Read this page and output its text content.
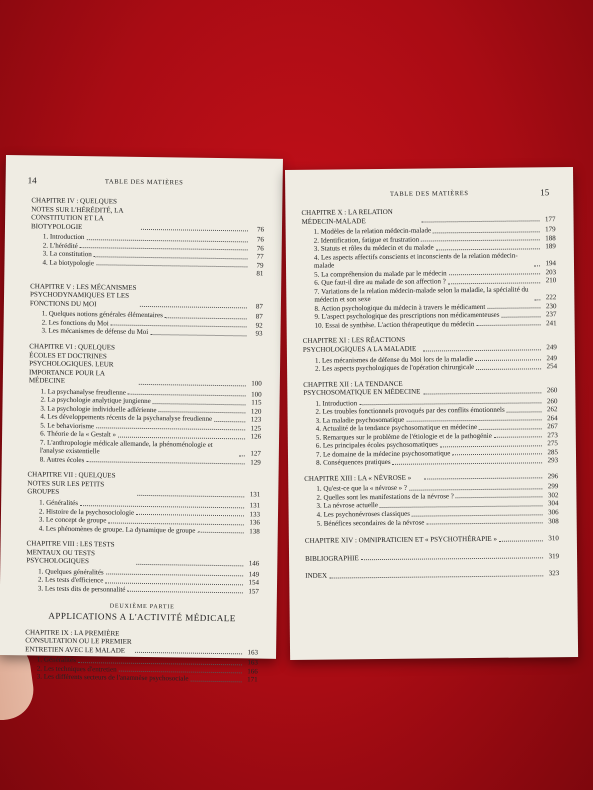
14	TABLE DES MATIÈRES
CHAPITRE IV : QUELQUES NOTES SUR L'HÉRÉDITÉ, LA CONSTITUTION ET LA BIOTYPOLOGIE	76
1. Introduction	76
2. L'hérédité	76
3. La constitution	77
4. La biotypologie	79
81
CHAPITRE V : LES MÉCANISMES PSYCHODYNAMIQUES ET LES FONCTIONS DU MOI	87
1. Quelques notions générales élémentaires	87
2. Les fonctions du Moi	92
3. Les mécanismes de défense du Moi	93
CHAPITRE VI : QUELQUES ÉCOLES ET DOCTRINES PSYCHOLOGIQUES. LEUR IMPORTANCE POUR LA MÉDECINE	100
1. La psychanalyse freudienne	100
2. La psychologie analytique jungienne	115
3. La psychologie individuelle adlérienne	120
4. Les développements récents de la psychanalyse freudienne	123
5. Le behaviorisme	125
6. Théorie de la « Gestalt »	126
7. L'anthropologie médicale allemande, la phénoménologie et l'analyse existentielle	127
8. Autres écoles	129
CHAPITRE VII : QUELQUES NOTES SUR LES PETITS GROUPES	131
1. Généralités	131
2. Histoire de la psychosociologie	133
3. Le concept de groupe	136
4. Les phénomènes de groupe. La dynamique de groupe	138
CHAPITRE VIII : LES TESTS MENTAUX OU TESTS PSYCHOLOGIQUES	146
1. Quelques généralités	149
2. Les tests d'efficience	154
3. Les tests dits de personnalité	157
DEUXIÈME PARTIE
APPLICATIONS A L'ACTIVITÉ MÉDICALE
CHAPITRE IX : LA PREMIÈRE CONSULTATION OU LE PREMIER ENTRETIEN AVEC LE MALADE	163
1. Généralités	163
2. Les techniques d'entretien	166
3. Les différents secteurs de l'anamnèse psychosociale	171
TABLE DES MATIÈRES	15
CHAPITRE X : LA RELATION MÉDECIN-MALADE	177
1. Modèles de la relation médecin-malade	179
2. Identification, fatigue et frustration	188
3. Statuts et rôles du médecin et du malade	189
4. Les aspects affectifs conscients et inconscients de la relation médecin-malade	194
5. La compréhension du malade par le médecin	203
6. Que faut-il dire au malade de son affection ?	210
7. Variations de la relation médecin-malade selon la maladie, la spécialité du médecin et son sexe	222
8. Action psychologique du médecin à travers le médicament	230
9. L'aspect psychologique des prescriptions non médicamenteuses	237
10. Essai de synthèse. L'action thérapeutique du médecin	241
CHAPITRE XI : LES RÉACTIONS PSYCHOLOGIQUES A LA MALADIE	249
1. Les mécanismes de défense du Moi lors de la maladie	249
2. Les aspects psychologiques de l'opération chirurgicale	254
CHAPITRE XII : LA TENDANCE PSYCHOSOMATIQUE EN MÉDECINE	260
1. Introduction	260
2. Les troubles fonctionnels provoqués par des conflits émotionnels	262
3. La maladie psychosomatique	264
4. Actualité de la tendance psychosomatique en médecine	267
5. Remarques sur le problème de l'étiologie et de la pathogénie	273
6. Les principales écoles psychosomatiques	275
7. Le domaine de la médecine psychosomatique	285
8. Conséquences pratiques	293
CHAPITRE XIII : LA « NÉVROSE »	296
1. Qu'est-ce que la « névrose » ?	299
2. Quelles sont les manifestations de la névrose ?	302
3. La névrose actuelle	304
4. Les psychonévroses classiques	306
5. Bénéfices secondaires de la névrose	308
CHAPITRE XIV : OMNIPRATICIEN ET « PSYCHOTHÉRAPIE »	310
BIBLIOGRAPHIE	319
INDEX	323
